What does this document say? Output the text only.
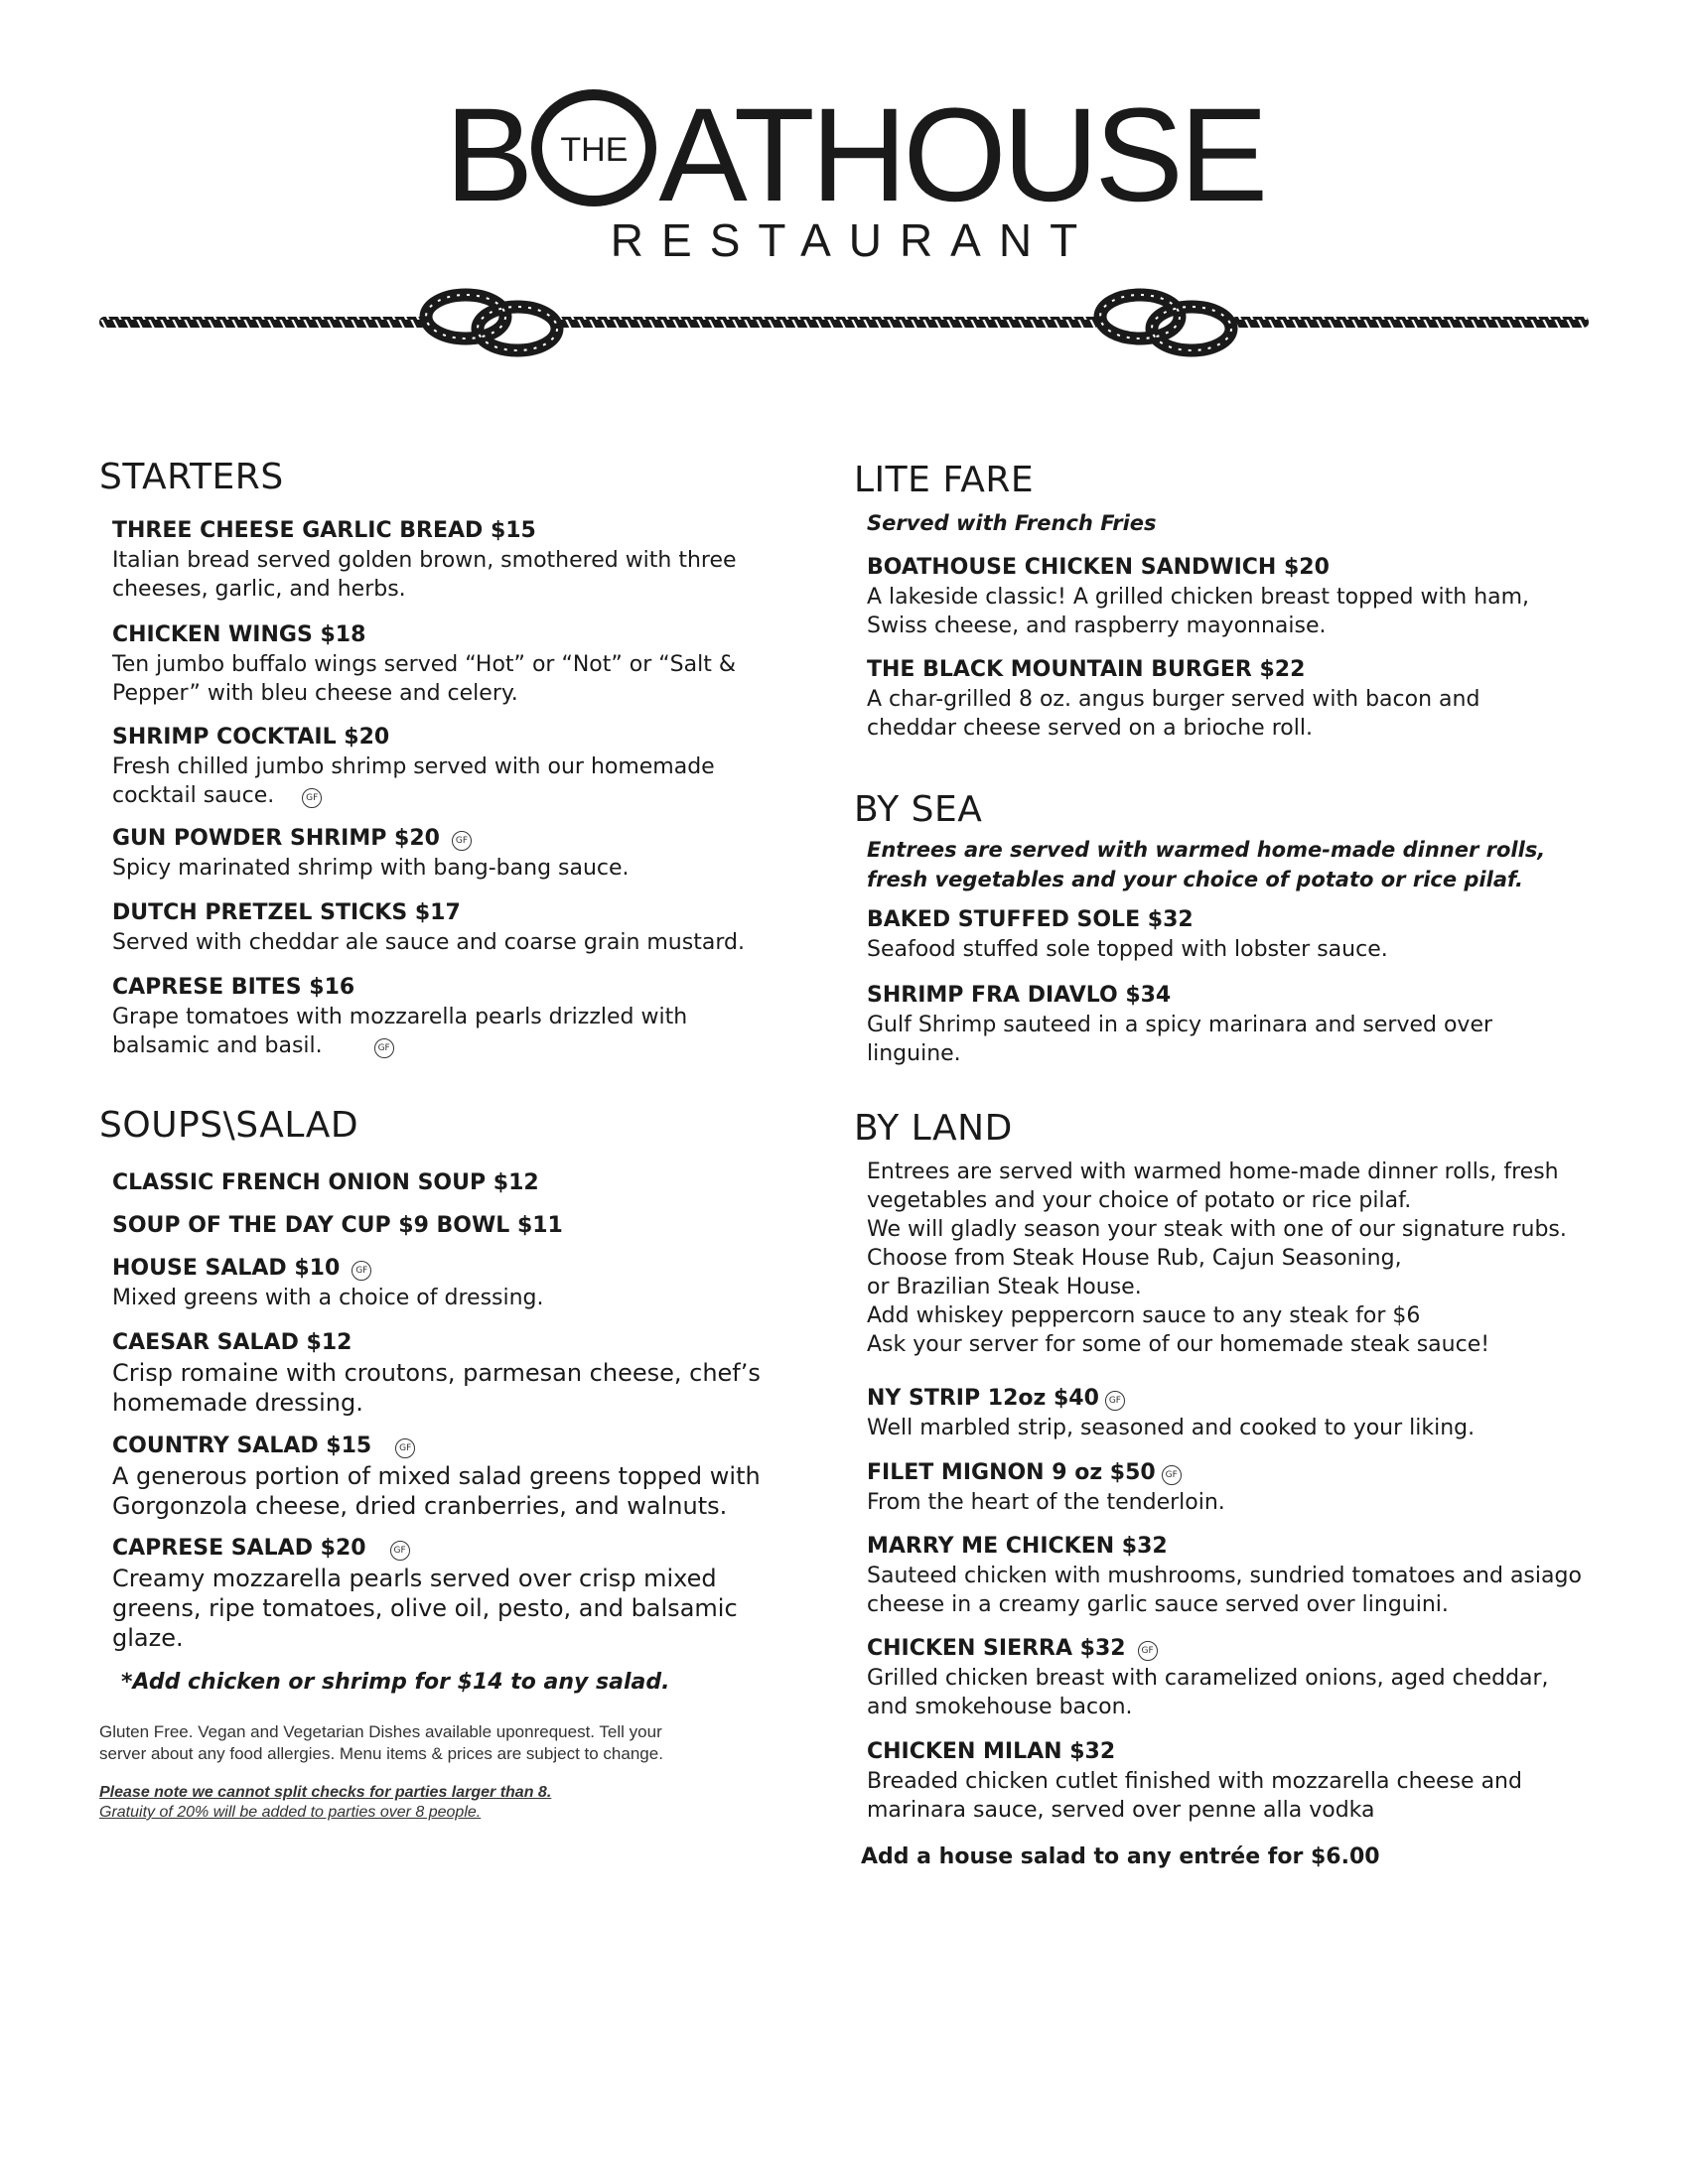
B THE ATHOUSE
RESTAURANT
STARTERS
THREE CHEESE GARLIC BREAD $15
Italian bread served golden brown, smothered with three
cheeses, garlic, and herbs.
CHICKEN WINGS $18
Ten jumbo buffalo wings served “Hot” or “Not” or “Salt &
Pepper” with bleu cheese and celery.
SHRIMP COCKTAIL $20
Fresh chilled jumbo shrimp served with our homemade
cocktail sauce.	GF
GUN POWDER SHRIMP $20 GF
Spicy marinated shrimp with bang-bang sauce.
DUTCH PRETZEL STICKS $17
Served with cheddar ale sauce and coarse grain mustard.
CAPRESE BITES $16
Grape tomatoes with mozzarella pearls drizzled with
balsamic and basil.	GF
SOUPS\SALAD
CLASSIC FRENCH ONION SOUP $12
SOUP OF THE DAY CUP $9 BOWL $11
HOUSE SALAD $10 GF
Mixed greens with a choice of dressing.
CAESAR SALAD $12
Crisp romaine with croutons, parmesan cheese, chef’s
homemade dressing.
COUNTRY SALAD $15	GF
A generous portion of mixed salad greens topped with
Gorgonzola cheese, dried cranberries, and walnuts.
CAPRESE SALAD $20	GF
Creamy mozzarella pearls served over crisp mixed
greens, ripe tomatoes, olive oil, pesto, and balsamic
glaze.
*Add chicken or shrimp for $14 to any salad.
Gluten Free. Vegan and Vegetarian Dishes available uponrequest. Tell your
server about any food allergies. Menu items & prices are subject to change.
Please note we cannot split checks for parties larger than 8.
Gratuity of 20% will be added to parties over 8 people.
LITE FARE
Served with French Fries
BOATHOUSE CHICKEN SANDWICH $20
A lakeside classic! A grilled chicken breast topped with ham,
Swiss cheese, and raspberry mayonnaise.
THE BLACK MOUNTAIN BURGER $22
A char-grilled 8 oz. angus burger served with bacon and
cheddar cheese served on a brioche roll.
BY SEA
Entrees are served with warmed home-made dinner rolls,
fresh vegetables and your choice of potato or rice pilaf.
BAKED STUFFED SOLE $32
Seafood stuffed sole topped with lobster sauce.
SHRIMP FRA DIAVLO $34
Gulf Shrimp sauteed in a spicy marinara and served over
linguine.
BY LAND
Entrees are served with warmed home-made dinner rolls, fresh
vegetables and your choice of potato or rice pilaf.
We will gladly season your steak with one of our signature rubs.
Choose from Steak House Rub, Cajun Seasoning,
or Brazilian Steak House.
Add whiskey peppercorn sauce to any steak for $6
Ask your server for some of our homemade steak sauce!
NY STRIP 12oz $40 GF
Well marbled strip, seasoned and cooked to your liking.
FILET MIGNON 9 oz $50 GF
From the heart of the tenderloin.
MARRY ME CHICKEN $32
Sauteed chicken with mushrooms, sundried tomatoes and asiago
cheese in a creamy garlic sauce served over linguini.
CHICKEN SIERRA $32 GF
Grilled chicken breast with caramelized onions, aged cheddar,
and smokehouse bacon.
CHICKEN MILAN $32
Breaded chicken cutlet finished with mozzarella cheese and
marinara sauce, served over penne alla vodka
Add a house salad to any entrée for $6.00
